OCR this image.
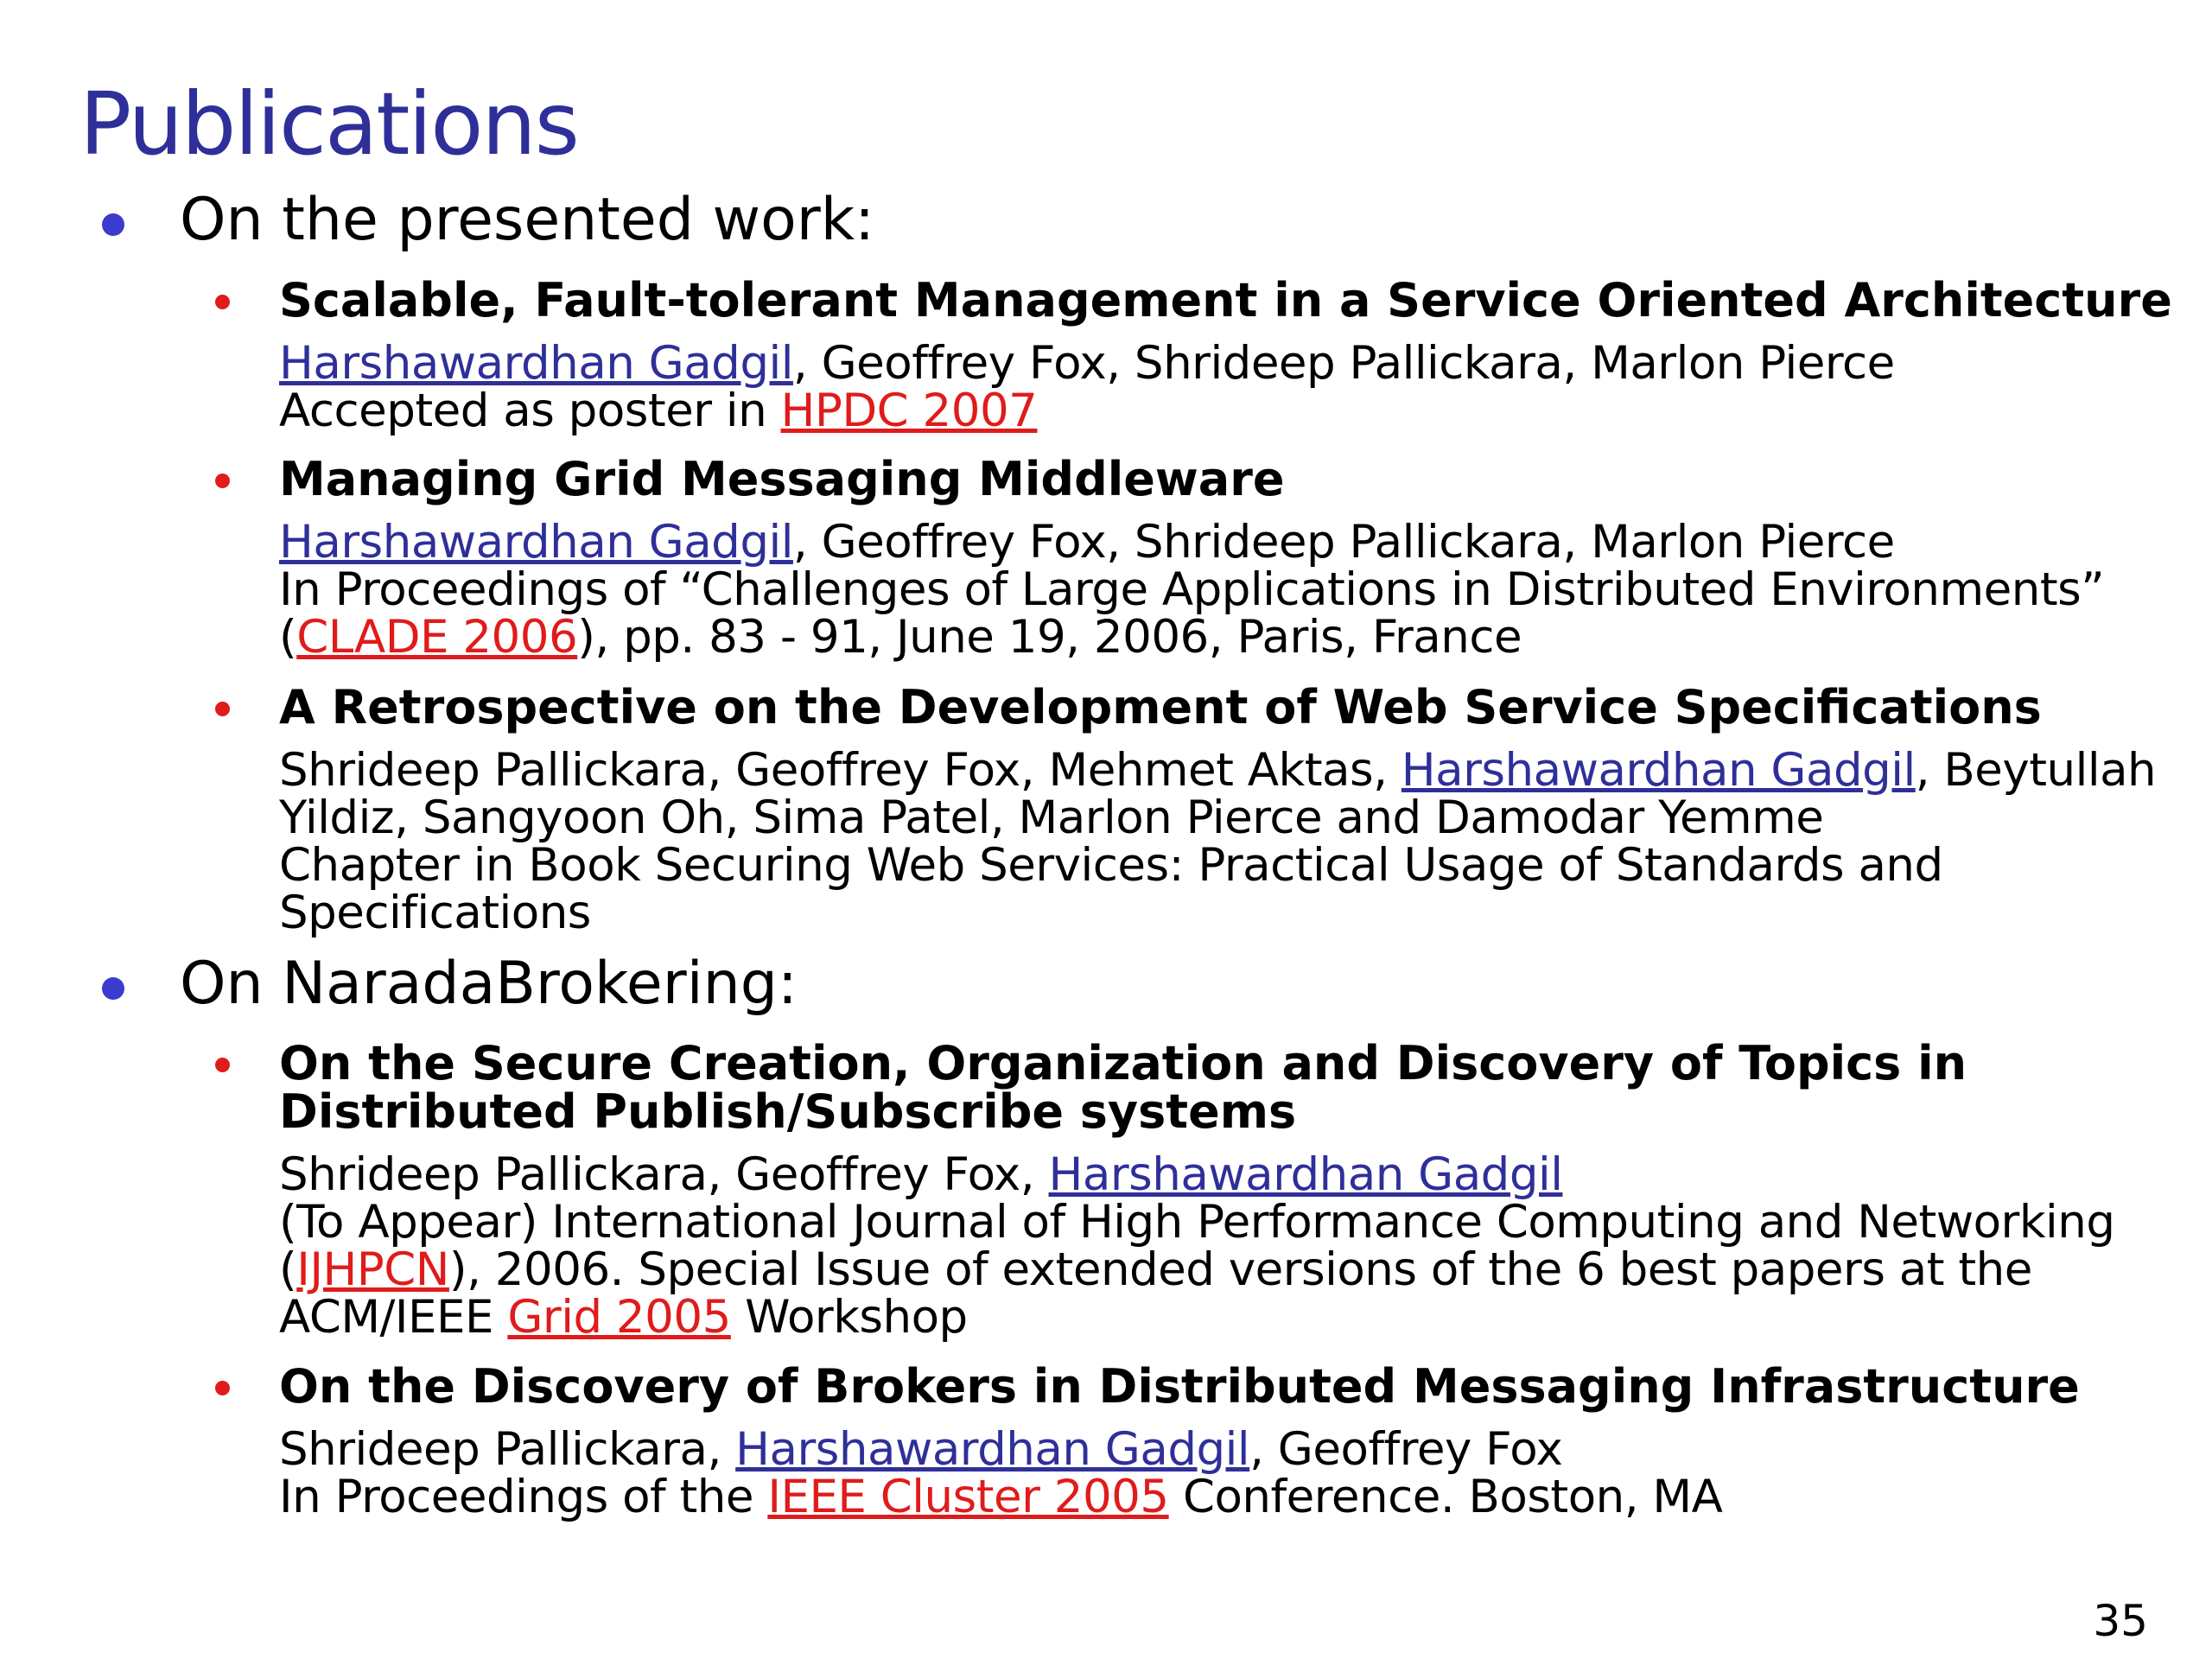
Publications

On the presented work:

Scalable, Fault-tolerant Management in a Service Oriented Architecture

Harshawardhan Gadgil, Geoffrey Fox, Shrideep Pallickara, Marlon Pierce
Accepted as poster in HPDC 2007

Managing Grid Messaging Middleware

Harshawardhan Gadgil, Geoffrey Fox, Shrideep Pallickara, Marlon Pierce
In Proceedings of “Challenges of Large Applications in Distributed Environments”
(CLADE 2006), pp. 83 - 91, June 19, 2006, Paris, France

A Retrospective on the Development of Web Service Specifications

Shrideep Pallickara, Geoffrey Fox, Mehmet Aktas, Harshawardhan Gadgil, Beytullah
Yildiz, Sangyoon Oh, Sima Patel, Marlon Pierce and Damodar Yemme
Chapter in Book Securing Web Services: Practical Usage of Standards and
Specifications

On NaradaBrokering:

On the Secure Creation, Organization and Discovery of Topics in
Distributed Publish/Subscribe systems

Shrideep Pallickara, Geoffrey Fox, Harshawardhan Gadgil
(To Appear) International Journal of High Performance Computing and Networking
(IJHPCN), 2006. Special Issue of extended versions of the 6 best papers at the
ACM/IEEE Grid 2005 Workshop

On the Discovery of Brokers in Distributed Messaging Infrastructure

Shrideep Pallickara, Harshawardhan Gadgil, Geoffrey Fox
In Proceedings of the IEEE Cluster 2005 Conference. Boston, MA

35
